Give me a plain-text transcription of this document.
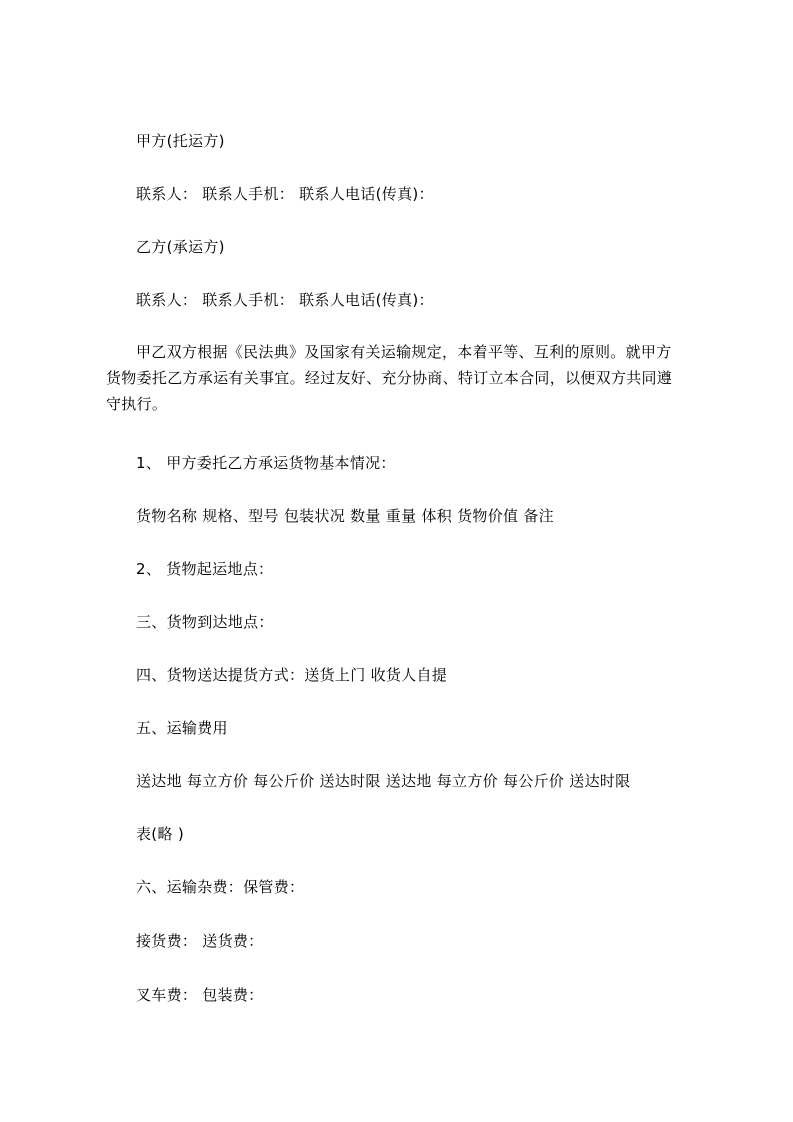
甲方(托运方)
联系人： 联系人手机： 联系人电话(传真)：
乙方(承运方)
联系人： 联系人手机： 联系人电话(传真)：
甲乙双方根据《民法典》及国家有关运输规定，本着平等、互利的原则。就甲方货物委托乙方承运有关事宜。经过友好、充分协商、特订立本合同，以便双方共同遵守执行。
1、 甲方委托乙方承运货物基本情况：
货物名称 规格、型号 包装状况 数量 重量 体积 货物价值 备注
2、 货物起运地点：
三、货物到达地点：
四、货物送达提货方式：送货上门 收货人自提
五、运输费用
送达地 每立方价 每公斤价 送达时限 送达地 每立方价 每公斤价 送达时限
表(略 )
六、运输杂费：保管费：
接货费： 送货费：
叉车费： 包装费：
